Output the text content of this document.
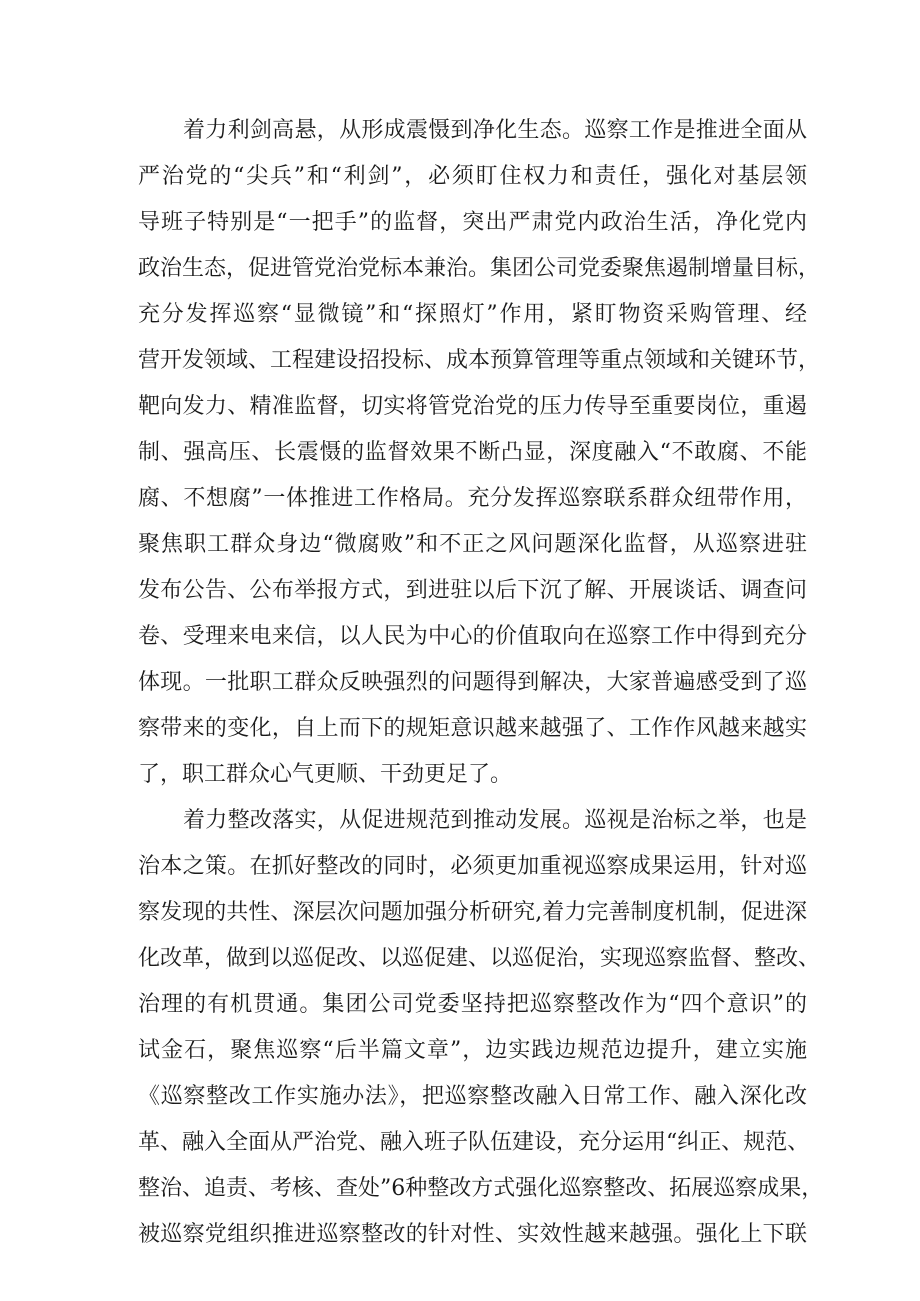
着力利剑高悬，从形成震慑到净化生态。巡察工作是推进全面从
严治党的“尖兵”和“利剑”，必须盯住权力和责任，强化对基层领
导班子特别是“一把手”的监督，突出严肃党内政治生活，净化党内
政治生态，促进管党治党标本兼治。集团公司党委聚焦遏制增量目标，
充分发挥巡察“显微镜”和“探照灯”作用，紧盯物资采购管理、经
营开发领域、工程建设招投标、成本预算管理等重点领域和关键环节，
靶向发力、精准监督，切实将管党治党的压力传导至重要岗位，重遏
制、强高压、长震慑的监督效果不断凸显，深度融入“不敢腐、不能
腐、不想腐”一体推进工作格局。充分发挥巡察联系群众纽带作用，
聚焦职工群众身边“微腐败”和不正之风问题深化监督，从巡察进驻
发布公告、公布举报方式，到进驻以后下沉了解、开展谈话、调查问
卷、受理来电来信，以人民为中心的价值取向在巡察工作中得到充分
体现。一批职工群众反映强烈的问题得到解决，大家普遍感受到了巡
察带来的变化，自上而下的规矩意识越来越强了、工作作风越来越实
了，职工群众心气更顺、干劲更足了。
着力整改落实，从促进规范到推动发展。巡视是治标之举，也是
治本之策。在抓好整改的同时，必须更加重视巡察成果运用，针对巡
察发现的共性、深层次问题加强分析研究,着力完善制度机制，促进深
化改革，做到以巡促改、以巡促建、以巡促治，实现巡察监督、整改、
治理的有机贯通。集团公司党委坚持把巡察整改作为“四个意识”的
试金石，聚焦巡察“后半篇文章”，边实践边规范边提升，建立实施
《巡察整改工作实施办法》，把巡察整改融入日常工作、融入深化改
革、融入全面从严治党、融入班子队伍建设，充分运用“纠正、规范、
整治、追责、考核、查处”6种整改方式强化巡察整改、拓展巡察成果，
被巡察党组织推进巡察整改的针对性、实效性越来越强。强化上下联
